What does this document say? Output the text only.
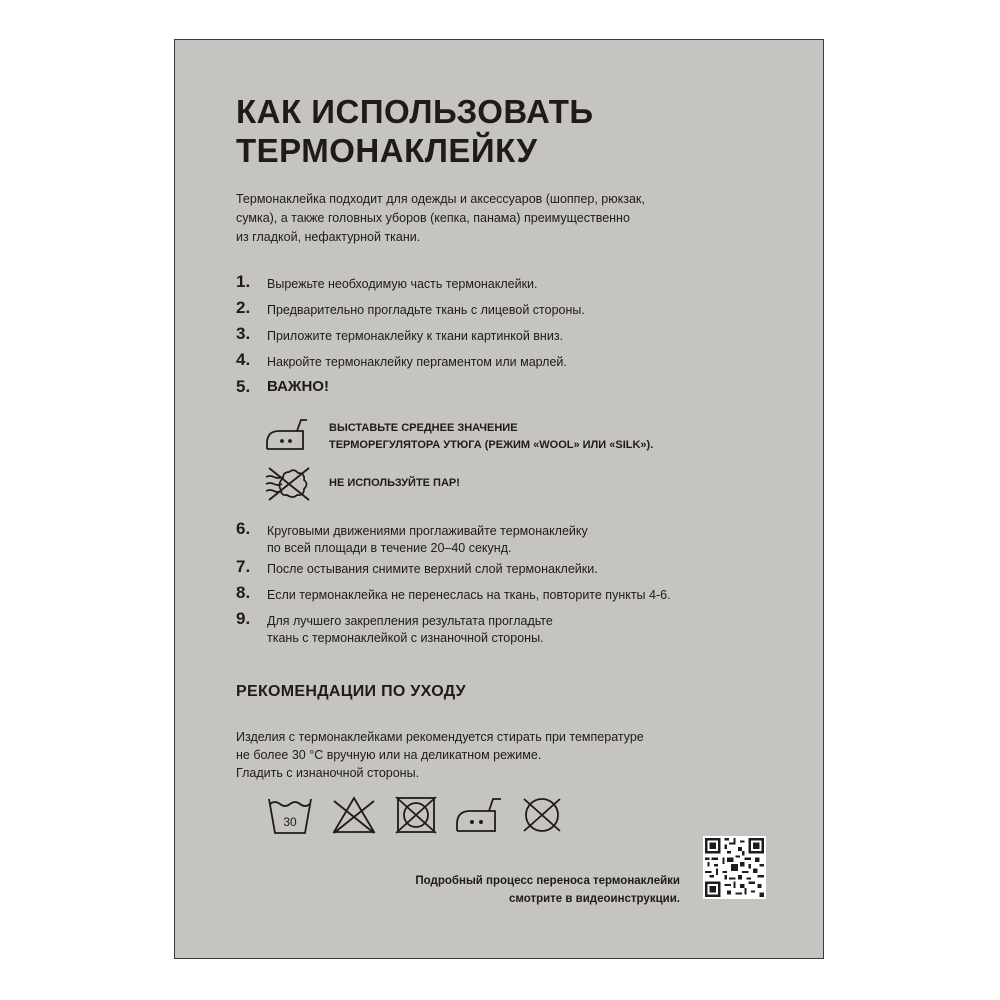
КАК ИСПОЛЬЗОВАТЬ
ТЕРМОНАКЛЕЙКУ

Термонаклейка подходит для одежды и аксессуаров (шоппер, рюкзак,
сумка), а также головных уборов (кепка, панама) преимущественно
из гладкой, нефактурной ткани.

1.	Вырежьте необходимую часть термонаклейки.
2.	Предварительно прогладьте ткань с лицевой стороны.
3.	Приложите термонаклейку к ткани картинкой вниз.
4.	Накройте термонаклейку пергаментом или марлей.
5.	ВАЖНО!
ВЫСТАВЬТЕ СРЕДНЕЕ ЗНАЧЕНИЕ
ТЕРМОРЕГУЛЯТОРА УТЮГА (РЕЖИМ «WOOL» ИЛИ «SILK»).
НЕ ИСПОЛЬЗУЙТЕ ПАР!
6.	Круговыми движениями проглаживайте термонаклейку
по всей площади в течение 20–40 секунд.
7.	После остывания снимите верхний слой термонаклейки.
8.	Если термонаклейка не перенеслась на ткань, повторите пункты 4-6.
9.	Для лучшего закрепления результата прогладьте
ткань с термонаклейкой с изнаночной стороны.
РЕКОМЕНДАЦИИ ПО УХОДУ

Изделия с термонаклейками рекомендуется стирать при температуре
не более 30 °С вручную или на деликатном режиме.
Гладить с изнаночной стороны.

30
Подробный процесс переноса термонаклейки
смотрите в видеоинструкции.
